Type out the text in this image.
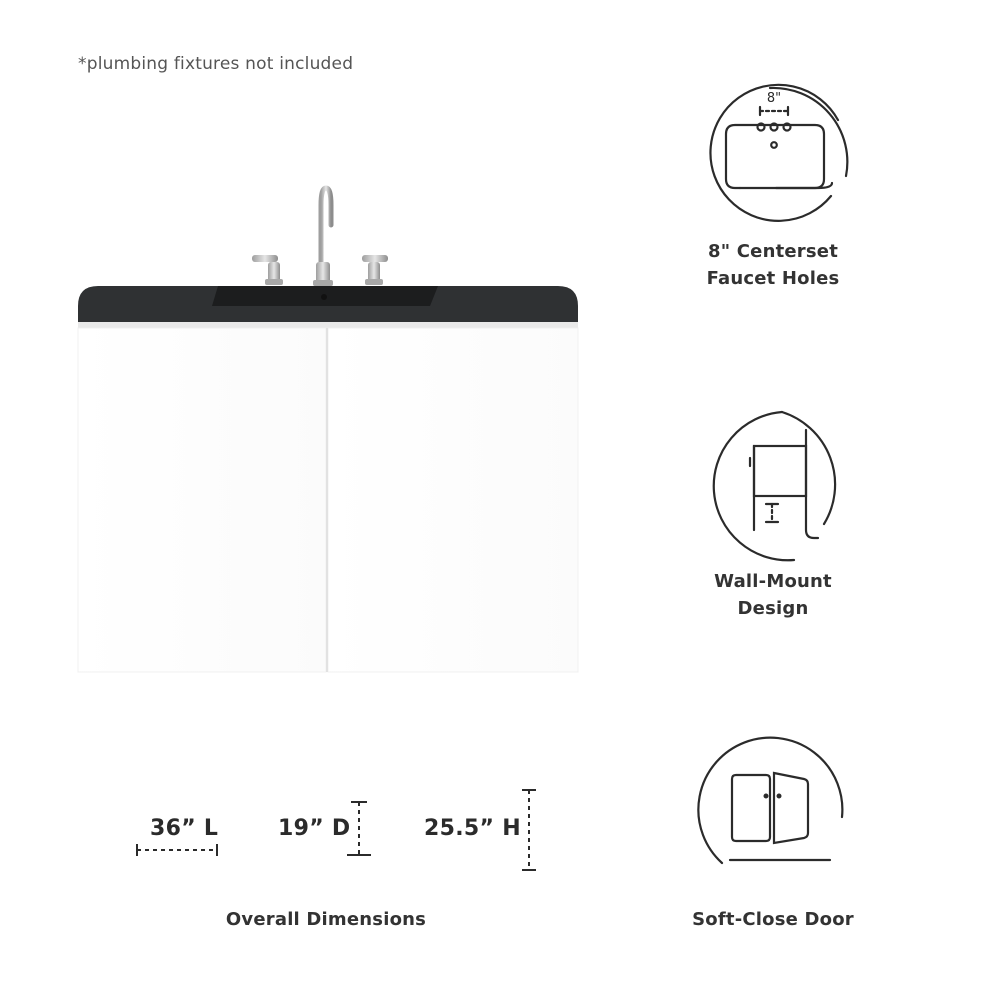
*plumbing fixtures not included
36” L	19” D	25.5” H
Overall Dimensions
8"
8" Centerset
Faucet Holes
Wall-Mount Design
Soft-Close Door
